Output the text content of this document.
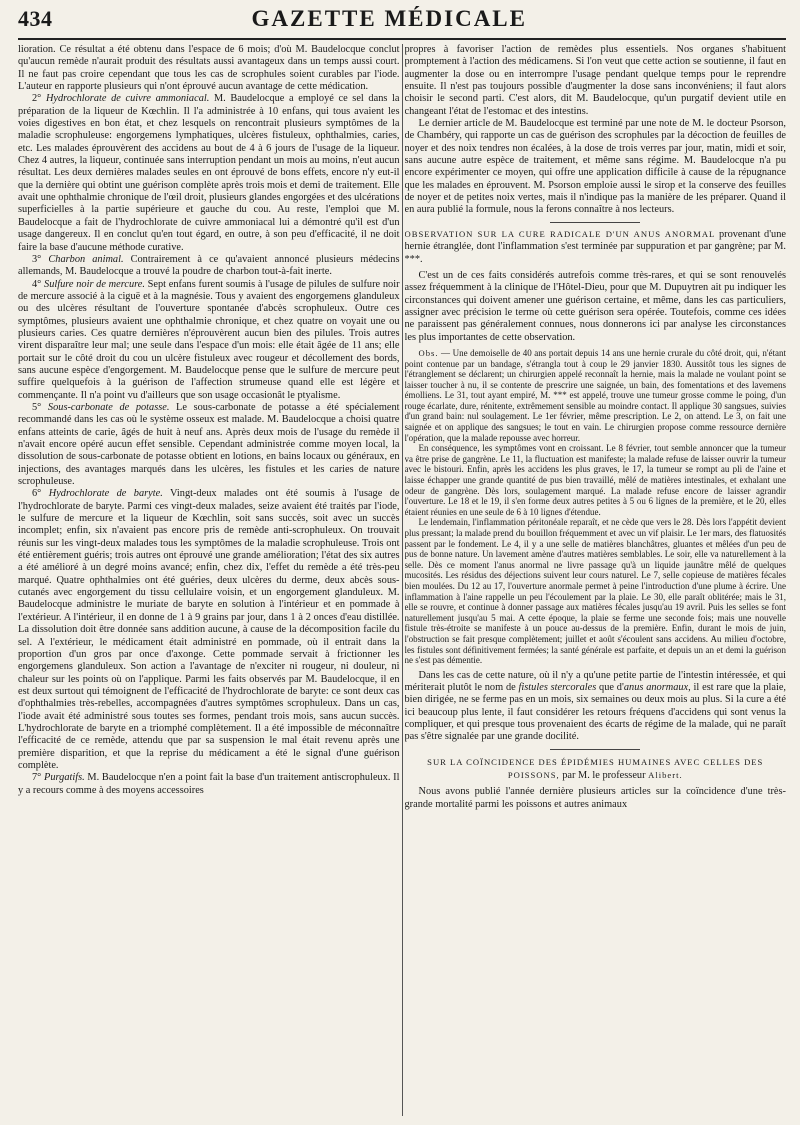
434	GAZETTE MÉDICALE

lioration. Ce résultat a été obtenu dans l'espace de 6 mois; d'où M. Baudelocque conclut qu'aucun remède n'aurait produit des résultats aussi avantageux dans un temps aussi court. Il ne faut pas croire cependant que tous les cas de scrophules soient curables par l'iode. L'auteur en rapporte plusieurs qui n'ont éprouvé aucun avantage de cette médication.

2° Hydrochlorate de cuivre ammoniacal. M. Baudelocque a employé ce sel dans la préparation de la liqueur de Kœchlin. Il l'a administrée à 10 enfans, qui tous avaient les voies digestives en bon état, et chez lesquels on rencontrait plusieurs symptômes de la maladie scrophuleuse: engorgemens lymphatiques, ulcères fistuleux, ophthalmies, caries, etc. Les malades éprouvèrent des accidens au bout de 4 à 6 jours de l'usage de la liqueur. Chez 4 autres, la liqueur, continuée sans interruption pendant un mois au moins, n'eut aucun résultat. Les deux dernières malades seules en ont éprouvé de bons effets, encore n'y eut-il que la dernière qui obtint une guérison complète après trois mois et demi de traitement. Elle avait une ophthalmie chronique de l'œil droit, plusieurs glandes engorgées et des ulcérations superficielles à la partie supérieure et gauche du cou. Au reste, l'emploi que M. Baudelocque a fait de l'hydrochlorate de cuivre ammoniacal lui a démontré qu'il est d'un usage dangereux. Il en conclut qu'en tout égard, en outre, à son peu d'efficacité, il ne doit faire la base d'aucune méthode curative.

3° Charbon animal. Contrairement à ce qu'avaient annoncé plusieurs médecins allemands, M. Baudelocque a trouvé la poudre de charbon tout-à-fait inerte.

4° Sulfure noir de mercure. Sept enfans furent soumis à l'usage de pilules de sulfure noir de mercure associé à la ciguë et à la magnésie. Tous y avaient des engorgemens glanduleux ou des ulcères résultant de l'ouverture spontanée d'abcès scrophuleux. Outre ces symptômes, plusieurs avaient une ophthalmie chronique, et chez quatre on voyait une ou plusieurs caries. Ces quatre dernières n'éprouvèrent aucun bien des pilules. Trois autres virent disparaître leur mal; une seule dans l'espace d'un mois: elle était âgée de 11 ans; elle portait sur le côté droit du cou un ulcère fistuleux avec rougeur et décollement des bords, sans aucune espèce d'engorgement. M. Baudelocque pense que le sulfure de mercure peut suffire quelquefois à la guérison de l'affection strumeuse quand elle est légère et commençante. Il n'a point vu d'ailleurs que son usage occasionât le ptyalisme.

5° Sous-carbonate de potasse. Le sous-carbonate de potasse a été spécialement recommandé dans les cas où le système osseux est malade. M. Baudelocque a choisi quatre enfans atteints de carie, âgés de huit à neuf ans. Après deux mois de l'usage du remède il n'avait encore opéré aucun effet sensible. Cependant administrée comme moyen local, la dissolution de sous-carbonate de potasse obtient en lotions, en bains locaux ou généraux, en injections, des avantages marqués dans les ulcères, les fistules et les caries de nature scrophuleuse.

6° Hydrochlorate de baryte. Vingt-deux malades ont été soumis à l'usage de l'hydrochlorate de baryte. Parmi ces vingt-deux malades, seize avaient été traités par l'iode, le sulfure de mercure et la liqueur de Kœchlin, soit sans succès, soit avec un succès incomplet; enfin, six n'avaient pas encore pris de remède anti-scrophuleux. On trouvait réunis sur les vingt-deux malades tous les symptômes de la maladie scrophuleuse. Trois ont été entièrement guéris; trois autres ont éprouvé une grande amélioration; l'état des six autres a été amélioré à un degré moins avancé; enfin, chez dix, l'effet du remède a été très-peu marqué. Quatre ophthalmies ont été guéries, deux ulcères du derme, deux abcès sous-cutanés avec engorgement du tissu cellulaire voisin, et un engorgement glanduleux. M. Baudelocque administre le muriate de baryte en solution à l'intérieur et en pommade à l'extérieur. A l'intérieur, il en donne de 1 à 9 grains par jour, dans 1 à 2 onces d'eau distillée. La dissolution doit être donnée sans addition aucune, à cause de la décomposition facile du sel. A l'extérieur, le médicament était administré en pommade, où il entrait dans la proportion d'un gros par once d'axonge. Cette pommade servait à frictionner les engorgemens glanduleux. Son action a l'avantage de n'exciter ni rougeur, ni douleur, ni chaleur sur les points où on l'applique. Parmi les faits observés par M. Baudelocque, il en est deux surtout qui témoignent de l'efficacité de l'hydrochlorate de baryte: ce sont deux cas d'ophthalmies très-rebelles, accompagnées d'autres symptômes scrophuleux. Dans un cas, l'iode avait été administré sous toutes ses formes, pendant trois mois, sans aucun succès. L'hydrochlorate de baryte en a triomphé complètement. Il a été impossible de méconnaître l'efficacité de ce remède, attendu que par sa suspension le mal était revenu après une première disparition, et que la reprise du médicament a été le signal d'une guérison complète.

7° Purgatifs. M. Baudelocque n'en a point fait la base d'un traitement antiscrophuleux. Il y a recours comme à des moyens accessoires

propres à favoriser l'action de remèdes plus essentiels. Nos organes s'habituent promptement à l'action des médicamens. Si l'on veut que cette action se soutienne, il faut en augmenter la dose ou en interrompre l'usage pendant quelque temps pour le reprendre ensuite. Il n'est pas toujours possible d'augmenter la dose sans inconvéniens; il faut alors choisir le second parti. C'est alors, dit M. Baudelocque, qu'un purgatif devient utile en changeant l'état de l'estomac et des intestins.

Le dernier article de M. Baudelocque est terminé par une note de M. le docteur Psorson, de Chambéry, qui rapporte un cas de guérison des scrophules par la décoction de feuilles de noyer et des noix tendres non écalées, à la dose de trois verres par jour, matin, midi et soir, sans aucune autre espèce de traitement, et même sans régime. M. Baudelocque n'a pu encore expérimenter ce moyen, qui offre une application difficile à cause de la répugnance que les malades en éprouvent. M. Psorson emploie aussi le sirop et la conserve des feuilles de noyer et de petites noix vertes, mais il n'indique pas la manière de les préparer. Quand il en aura publié la formule, nous la ferons connaître à nos lecteurs.

OBSERVATION SUR LA CURE RADICALE D'UN ANUS ANORMAL provenant d'une hernie étranglée, dont l'inflammation s'est terminée par suppuration et par gangrène; par M. ***.

C'est un de ces faits considérés autrefois comme très-rares, et qui se sont renouvelés assez fréquemment à la clinique de l'Hôtel-Dieu, pour que M. Dupuytren ait pu indiquer les circonstances qui doivent amener une guérison certaine, et même, dans les cas particuliers, assigner avec précision le terme où cette guérison sera opérée. Toutefois, comme ces idées ne paraissent pas généralement connues, nous donnerons ici par analyse les circonstances les plus importantes de cette observation.

Obs. — Une demoiselle de 40 ans portait depuis 14 ans une hernie crurale du côté droit, qui, n'étant point contenue par un bandage, s'étrangla tout à coup le 29 janvier 1830. Aussitôt tous les signes de l'étranglement se déclarent; un chirurgien appelé reconnaît la hernie, mais la malade ne voulant point se laisser toucher à nu, il se contente de prescrire une saignée, un bain, des fomentations et des lavemens émolliens. Le 31, tout ayant empiré, M. *** est appelé, trouve une tumeur grosse comme le poing, d'un rouge écarlate, dure, rénitente, extrêmement sensible au moindre contact. Il applique 30 sangsues, suivies d'un grand bain: nul soulagement. Le 1er février, même prescription. Le 2, on attend. Le 3, on fait une saignée et on applique des sangsues; le tout en vain. Le chirurgien propose comme ressource dernière l'opération, que la malade repousse avec horreur.

En conséquence, les symptômes vont en croissant. Le 8 février, tout semble annoncer que la tumeur va être prise de gangrène. Le 11, la fluctuation est manifeste; la malade refuse de laisser ouvrir la tumeur avec le bistouri. Enfin, après les accidens les plus graves, le 17, la tumeur se rompt au pli de l'aine et laisse échapper une grande quantité de pus bien travaillé, mêlé de matières intestinales, et exhalant une odeur de gangrène. Dès lors, soulagement marqué. La malade refuse encore de laisser agrandir l'ouverture. Le 18 et le 19, il s'en forme deux autres petites à 5 ou 6 lignes de la première, et le 20, elles étaient réunies en une seule de 6 à 10 lignes d'étendue.

Le lendemain, l'inflammation péritonéale reparaît, et ne cède que vers le 28. Dès lors l'appétit devient plus pressant; la malade prend du bouillon fréquemment et avec un vif plaisir. Le 1er mars, des flatuosités passent par le fondement. Le 4, il y a une selle de matières blanchâtres, gluantes et mêlées d'un peu de pus de bonne nature. Un lavement amène d'autres matières semblables. Le soir, elle va naturellement à la selle. Dès ce moment l'anus anormal ne livre passage qu'à un liquide jaunâtre mêlé de quelques mucosités. Les résidus des déjections suivent leur cours naturel. Le 7, selle copieuse de matières fécales bien moulées. Du 12 au 17, l'ouverture anormale permet à peine l'introduction d'une plume à écrire. Une inflammation à l'aine rappelle un peu l'écoulement par la plaie. Le 30, elle paraît oblitérée; mais le 31, elle se rouvre, et continue à donner passage aux matières fécales jusqu'au 19 avril. Puis les selles se font naturellement jusqu'au 5 mai. A cette époque, la plaie se ferme une seconde fois; mais une nouvelle fistule très-étroite se manifeste à un pouce au-dessus de la première. Enfin, durant le mois de juin, l'obstruction se fait presque complètement; juillet et août s'écoulent sans accidens. Au milieu d'octobre, les fistules sont définitivement fermées; la santé générale est parfaite, et depuis un an et demi la guérison ne s'est pas démentie.

Dans les cas de cette nature, où il n'y a qu'une petite partie de l'intestin intéressée, et qui mériterait plutôt le nom de fistules stercorales que d'anus anormaux, il est rare que la plaie, bien dirigée, ne se ferme pas en un mois, six semaines ou deux mois au plus. Si la cure a été ici beaucoup plus lente, il faut considérer les retours fréquens d'accidens qui sont venus la compliquer, et qui presque tous provenaient des écarts de régime de la malade, qui ne paraît pas s'être signalée par une grande docilité.

SUR LA COÏNCIDENCE DES ÉPIDÉMIES HUMAINES AVEC CELLES DES
POISSONS, par M. le professeur Alibert.

Nous avons publié l'année dernière plusieurs articles sur la coïncidence d'une très-grande mortalité parmi les poissons et autres animaux
